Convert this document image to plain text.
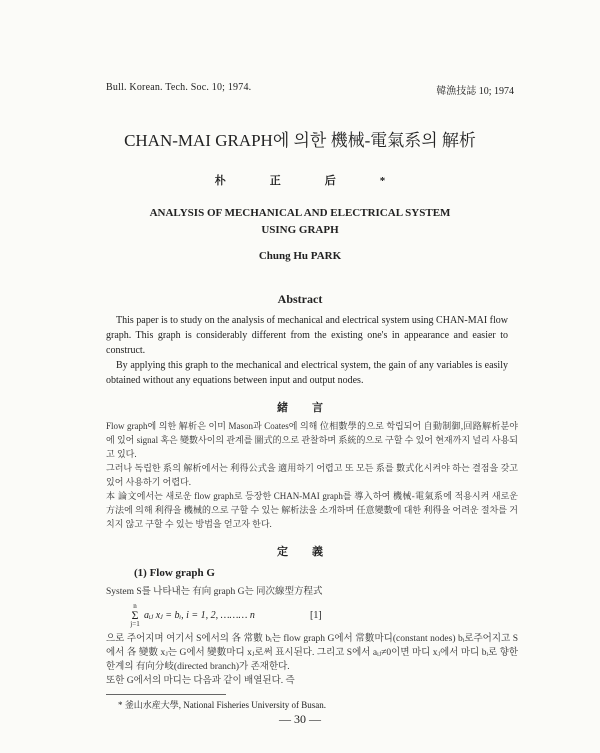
Bull. Korean. Tech. Soc. 10; 1974.	韓漁技誌 10; 1974
CHAN-MAI GRAPH에 의한 機械-電氣系의 解析
朴正后*
ANALYSIS OF MECHANICAL AND ELECTRICAL SYSTEM
USING GRAPH
Chung Hu PARK
Abstract

This paper is to study on the analysis of mechanical and electrical system using CHAN-MAI flow graph. This graph is considerably different from the existing one's in appearance and easier to construct.

By applying this graph to the mechanical and electrical system, the gain of any variables is easily obtained without any equations between input and output nodes.

緒言

Flow graph에 의한 解析은 이미 Mason과 Coates에 의해 位相數學的으로 학립되어 自動制御,回路解析분야에 있어 signal 혹은 變數사이의 관계를 圖式的으로 관찰하며 系統的으로 구할 수 있어 현재까지 널리 사용되고 있다.

그러나 독립한 系의 解析에서는 利得公式을 適用하기 어렵고 또 모든 系를 數式化시켜야 하는 결점을 갖고 있어 사용하기 어렵다.

本 論文에서는 새로운 flow graph로 등장한 CHAN-MAI graph를 導入하여 機械-電氣系에 적용시켜 새로운 方法에 의해 利得을 機械的으로 구할 수 있는 解析法을 소개하며 任意變數에 대한 利得을 어려운 절차를 거치지 않고 구할 수 있는 방법을 얻고자 한다.

定義
(1) Flow graph G

System S를 나타내는 有向 graph G는 同次線型方程式

n
Σ
j=1
aᵢⱼ xⱼ = bᵢ, i = 1, 2, ……… n	[1]

으로 주어지며 여기서 S에서의 各 常數 bᵢ는 flow graph G에서 常數마디(constant nodes) bᵢ로주어지고 S에서 各 變數 xⱼ는 G에서 變數마디 xⱼ로써 표시된다. 그리고 S에서 aᵢⱼ≠0이면 마디 xⱼ에서 마디 bᵢ로 향한 한계의 有向分岐(directed branch)가 존재한다.

또한 G에서의 마디는 다음과 같이 배열된다. 즉

* 釜山水産大學, National Fisheries University of Busan.
— 30 —
